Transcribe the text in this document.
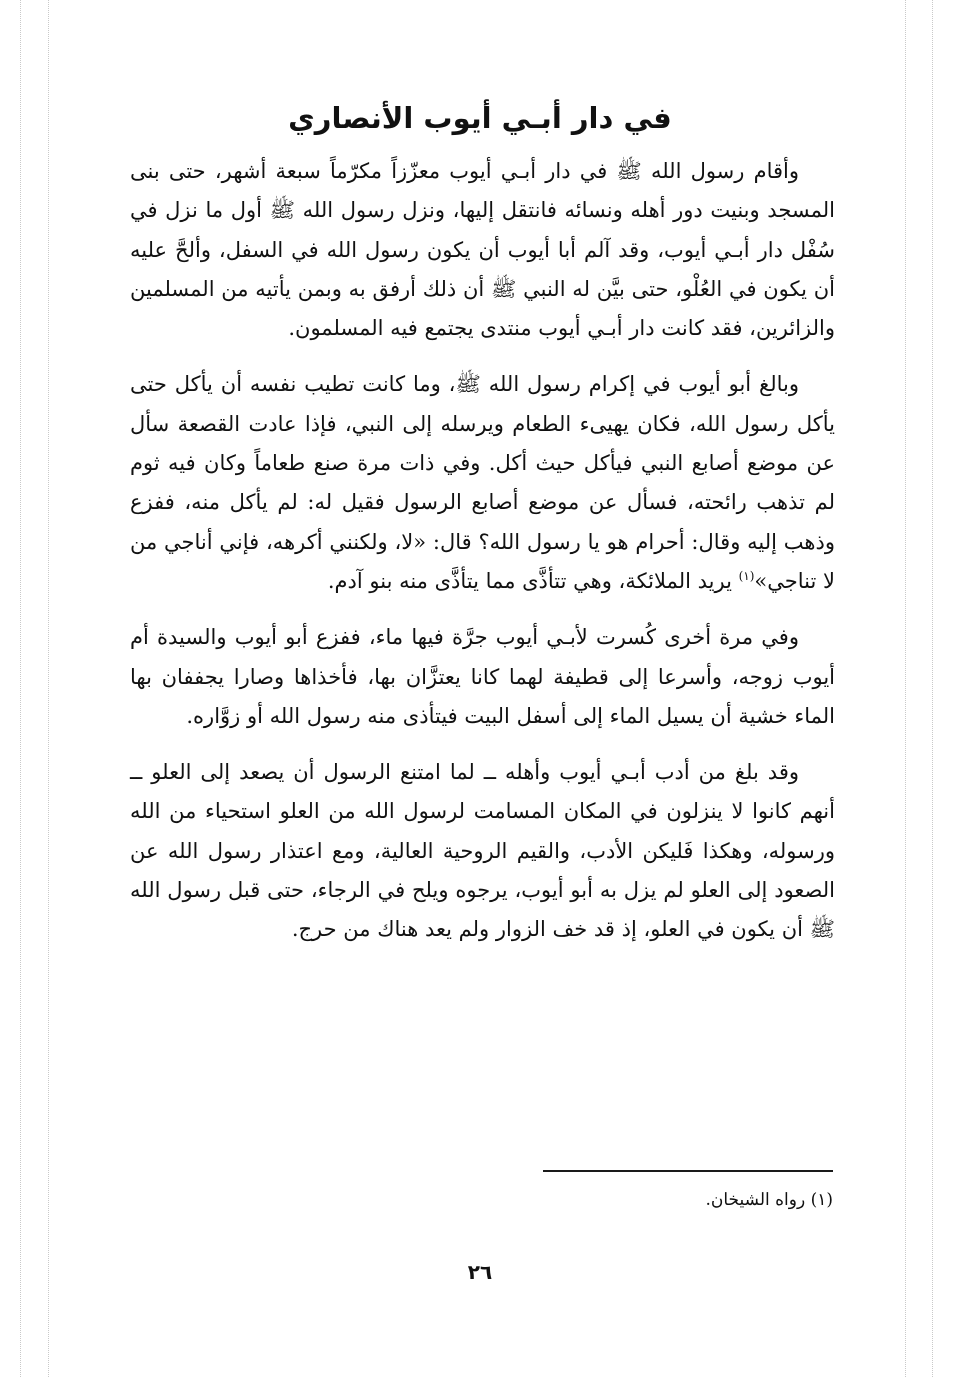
في دار أبـي أيوب الأنصاري

وأقام رسول الله ﷺ في دار أبـي أيوب معزّزاً مكرّماً سبعة أشهر، حتى بنى المسجد وبنيت دور أهله ونسائه فانتقل إليها، ونزل رسول الله ﷺ أول ما نزل في سُفْل دار أبـي أيوب، وقد آلم أبا أيوب أن يكون رسول الله في السفل، وألحَّ عليه أن يكون في العُلْو، حتى بيَّن له النبي ﷺ أن ذلك أرفق به وبمن يأتيه من المسلمين والزائرين، فقد كانت دار أبـي أيوب منتدى يجتمع فيه المسلمون.

وبالغ أبو أيوب في إكرام رسول الله ﷺ، وما كانت تطيب نفسه أن يأكل حتى يأكل رسول الله، فكان يهيىء الطعام ويرسله إلى النبي، فإذا عادت القصعة سأل عن موضع أصابع النبي فيأكل حيث أكل. وفي ذات مرة صنع طعاماً وكان فيه ثوم لم تذهب رائحته، فسأل عن موضع أصابع الرسول فقيل له: لم يأكل منه، ففزع وذهب إليه وقال: أحرام هو يا رسول الله؟ قال: «لا، ولكنني أكرهه، فإني أناجي من لا تناجي»$^{(١)}$ يريد الملائكة، وهي تتأذَّى مما يتأذَّى منه بنو آدم.

وفي مرة أخرى كُسرت لأبـي أيوب جرَّة فيها ماء، ففزع أبو أيوب والسيدة أم أيوب زوجه، وأسرعا إلى قطيفة لهما كانا يعتزَّان بها، فأخذاها وصارا يجففان بها الماء خشية أن يسيل الماء إلى أسفل البيت فيتأذى منه رسول الله أو زوَّاره.

وقد بلغ من أدب أبـي أيوب وأهله ــ لما امتنع الرسول أن يصعد إلى العلو ــ أنهم كانوا لا ينزلون في المكان المسامت لرسول الله من العلو استحياء من الله ورسوله، وهكذا فَليكن الأدب، والقيم الروحية العالية، ومع اعتذار رسول الله عن الصعود إلى العلو لم يزل به أبو أيوب، يرجوه ويلح في الرجاء، حتى قبل رسول الله ﷺ أن يكون في العلو، إذ قد خف الزوار ولم يعد هناك من حرج.

(١) رواه الشيخان.

٢٦
